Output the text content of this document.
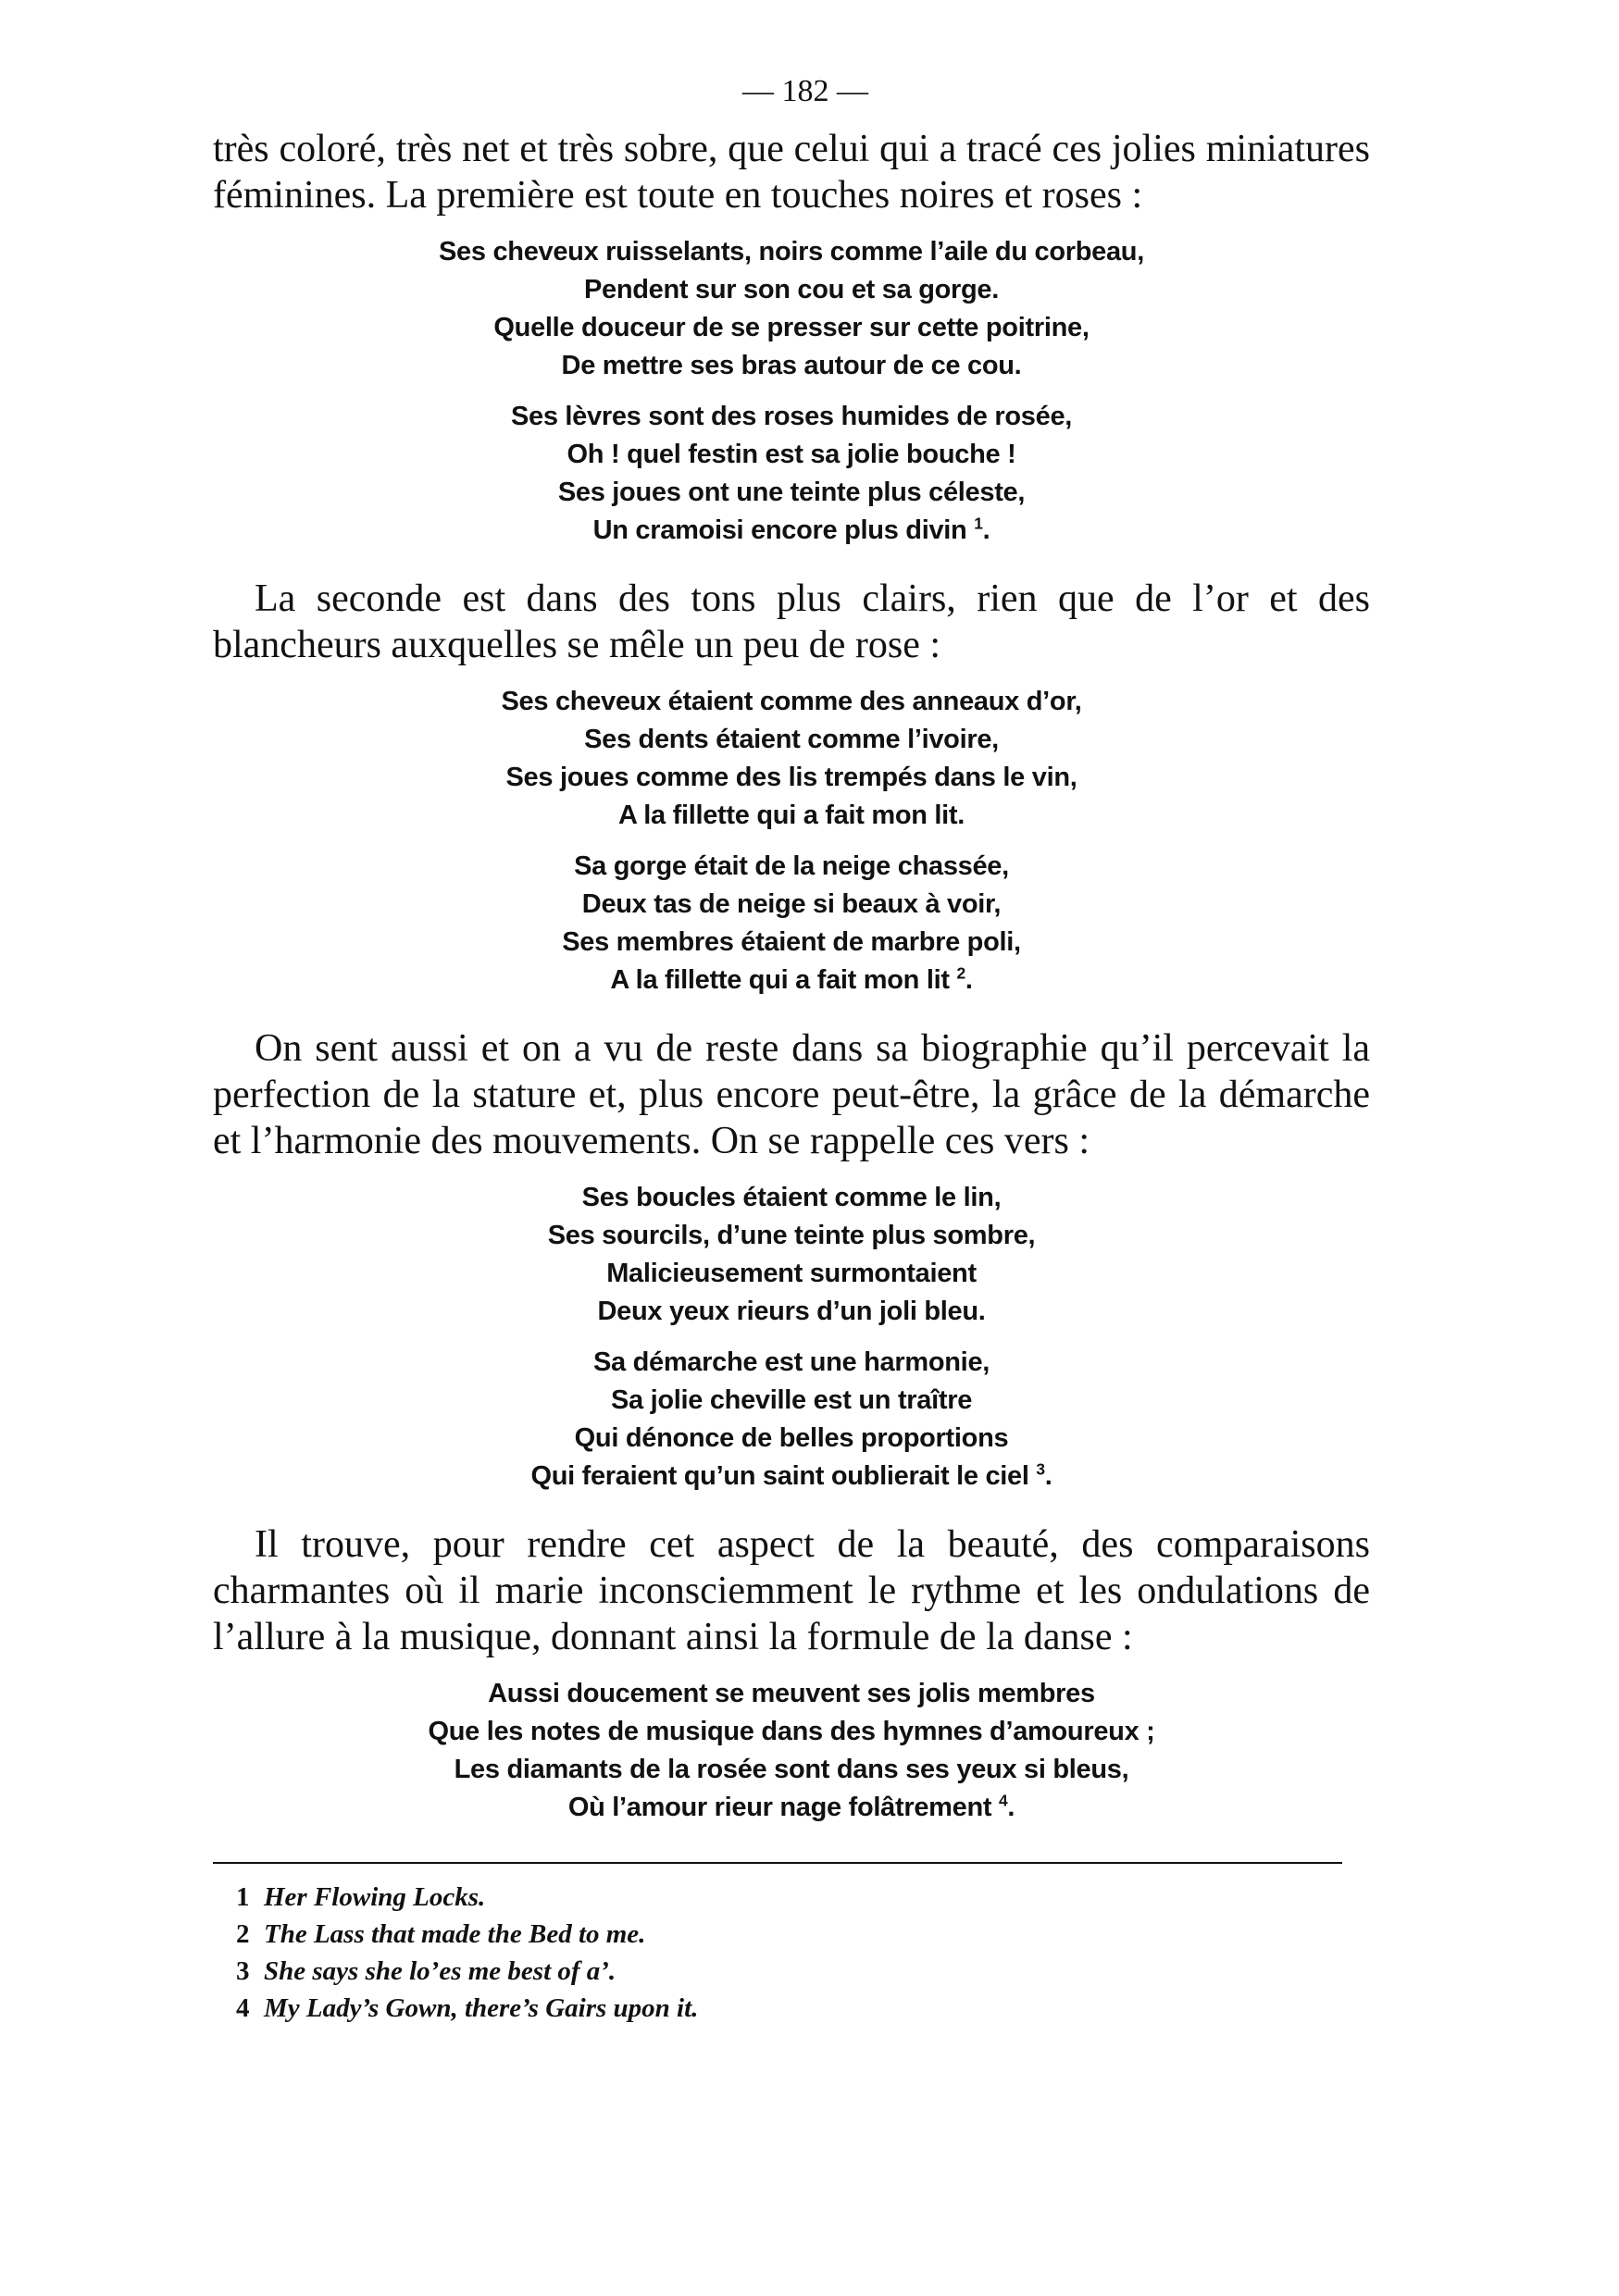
— 182 —

très coloré, très net et très sobre, que celui qui a tracé ces jolies miniatures féminines. La première est toute en touches noires et roses :

Ses cheveux ruisselants, noirs comme l’aile du corbeau,
Pendent sur son cou et sa gorge.
Quelle douceur de se presser sur cette poitrine,
De mettre ses bras autour de ce cou.
Ses lèvres sont des roses humides de rosée,
Oh ! quel festin est sa jolie bouche !
Ses joues ont une teinte plus céleste,
Un cramoisi encore plus divin $^1$.

La seconde est dans des tons plus clairs, rien que de l’or et des blancheurs auxquelles se mêle un peu de rose :

Ses cheveux étaient comme des anneaux d’or,
Ses dents étaient comme l’ivoire,
Ses joues comme des lis trempés dans le vin,
A la fillette qui a fait mon lit.
Sa gorge était de la neige chassée,
Deux tas de neige si beaux à voir,
Ses membres étaient de marbre poli,
A la fillette qui a fait mon lit $^2$.

On sent aussi et on a vu de reste dans sa biographie qu’il percevait la perfection de la stature et, plus encore peut-être, la grâce de la démarche et l’harmonie des mouvements. On se rappelle ces vers :

Ses boucles étaient comme le lin,
Ses sourcils, d’une teinte plus sombre,
Malicieusement surmontaient
Deux yeux rieurs d’un joli bleu.
Sa démarche est une harmonie,
Sa jolie cheville est un traître
Qui dénonce de belles proportions
Qui feraient qu’un saint oublierait le ciel $^3$.

Il trouve, pour rendre cet aspect de la beauté, des comparaisons charmantes où il marie inconsciemment le rythme et les ondulations de l’allure à la musique, donnant ainsi la formule de la danse :

Aussi doucement se meuvent ses jolis membres
Que les notes de musique dans des hymnes d’amoureux ;
Les diamants de la rosée sont dans ses yeux si bleus,
Où l’amour rieur nage folâtrement $^4$.
1 Her Flowing Locks.
2 The Lass that made the Bed to me.
3 She says she lo’es me best of a’.
4 My Lady’s Gown, there’s Gairs upon it.
